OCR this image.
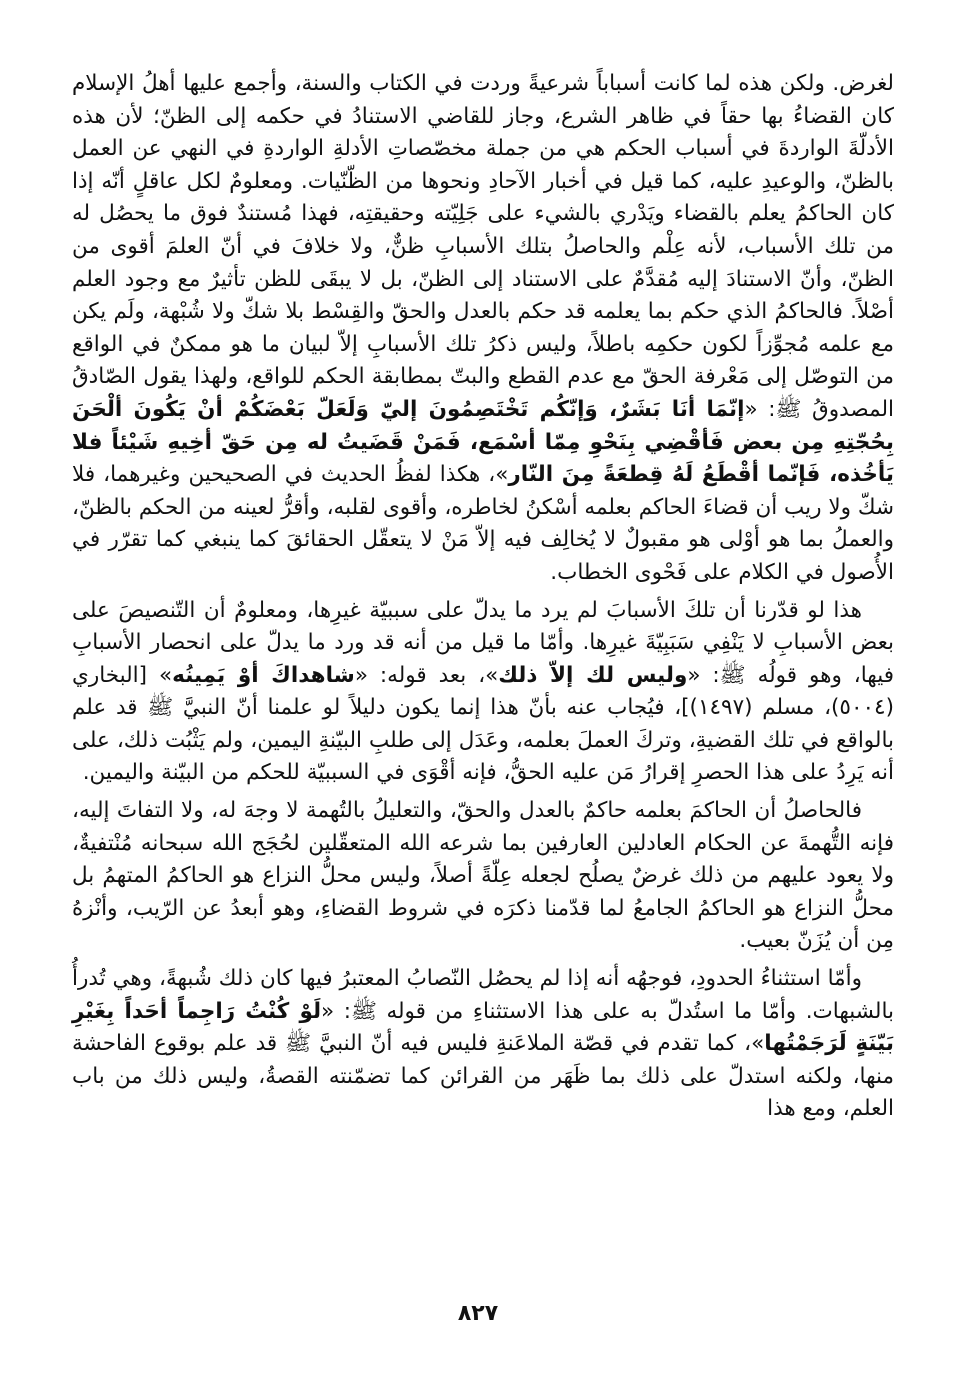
لغرض. ولكن هذه لما كانت أسباباً شرعيةً وردت في الكتاب والسنة، وأجمع عليها أهلُ الإسلام كان القضاءُ بها حقاً في ظاهر الشرع، وجاز للقاضي الاستنادُ في حكمه إلى الظنّ؛ لأن هذه الأدلّةَ الواردةَ في أسباب الحكم هي من جملة مخصّصاتِ الأدلةِ الواردةِ في النهي عن العمل بالظنّ، والوعيدِ عليه، كما قيل في أخبار الآحادِ ونحوها من الظّنّيات. ومعلومٌ لكل عاقلٍ أنّه إذا كان الحاكمُ يعلم بالقضاء ويَدْري بالشيء على جَلِيّته وحقيقتِه، فهذا مُستندٌ فوق ما يحصُل له من تلك الأسباب، لأنه عِلْم والحاصلُ بتلك الأسبابِ ظنٌّ، ولا خلافَ في أنّ العلمَ أقوى من الظنّ، وأنّ الاستنادَ إليه مُقدَّمٌ على الاستناد إلى الظنّ، بل لا يبقَى للظن تأثيرٌ مع وجود العلم أصْلاً. فالحاكمُ الذي حكم بما يعلمه قد حكم بالعدل والحقّ والقِسْط بلا شكّ ولا شُبْهة، ولَم يكن مع علمه مُجوِّزاً لكون حكمِه باطلاً، وليس ذكرُ تلك الأسبابِ إلاّ لبيان ما هو ممكنٌ في الواقع من التوصّل إلى مَعْرفة الحقّ مع عدم القطع والبتّ بمطابقة الحكم للواقع، ولهذا يقول الصّادقُ المصدوقُ ﷺ: «إنّمَا أنَا بَشَرٌ، وَإنّكُم تَخْتَصِمُونَ إليّ وَلَعَلّ بَعْضَكُمْ أنْ يَكُونَ ألْحَنَ بِحُجّتِهِ مِن بعض فَأقْضِي بِنَحْوِ مِمّا أسْمَع، فَمَنْ قَضَيتُ له مِن حَقّ أخِيهِ شَيْئاً فلا يَأخُذه، فَإنّما أقْطَعُ لَهُ قِطعَةً مِنَ النّار»، هكذا لفظُ الحديث في الصحيحين وغيرهما، فلا شكّ ولا ريب أن قضاءَ الحاكم بعلمه أسْكنُ لخاطره، وأقوى لقلبه، وأقرُّ لعينه من الحكم بالظنّ، والعملُ بما هو أوْلى هو مقبولٌ لا يُخالِف فيه إلاّ مَنْ لا يتعقّل الحقائقَ كما ينبغي كما تقرّر في الأُصول في الكلام على فَحْوى الخطاب.

هذا لو قدّرنا أن تلكَ الأسبابَ لم يرد ما يدلّ على سببيّة غيرِها، ومعلومٌ أن التّنصيصَ على بعض الأسبابِ لا يَنْفِي سَبَبِيّةَ غيرِها. وأمّا ما قيل من أنه قد ورد ما يدلّ على انحصار الأسبابِ فيها، وهو قولُه ﷺ: «وليس لك إلاّ ذلك»، بعد قوله: «شاهداكَ أوْ يَمِينُه» [البخاري (٥٠٠٤)، مسلم (١٤٩٧)]، فيُجاب عنه بأنّ هذا إنما يكون دليلاً لو علمنا أنّ النبيَّ ﷺ قد علم بالواقع في تلك القضيةِ، وتركَ العملَ بعلمه، وعَدَل إلى طلبِ البيّنةِ اليمين، ولم يَثْبُت ذلك، على أنه يَرِدُ على هذا الحصرِ إقرارُ مَن عليه الحقُّ، فإنه أقْوَى في السببيّة للحكم من البيّنة واليمين.

فالحاصلُ أن الحاكمَ بعلمه حاكمٌ بالعدل والحقّ، والتعليلُ بالتُهمة لا وجهَ له، ولا التفاتَ إليه، فإنه التُّهمةَ عن الحكام العادلين العارفين بما شرعه الله المتعقّلين لحُجَج الله سبحانه مُنْتفيةٌ، ولا يعود عليهم من ذلك غرضٌ يصلُح لجعله عِلّةً أصلاً، وليس محلُّ النزاع هو الحاكمُ المتهمُ بل محلُّ النزاع هو الحاكمُ الجامعُ لما قدّمنا ذكرَه في شروط القضاءِ، وهو أبعدُ عن الرّيب، وأنْزهُ مِن أن يُزَنّ بعيب.

وأمّا استثناءُ الحدودِ، فوجهُه أنه إذا لم يحصُل النّصابُ المعتبرُ فيها كان ذلك شُبهةً، وهي تُدرأُ بالشبهات. وأمّا ما استُدلّ به على هذا الاستثناءِ من قوله ﷺ: «لَوْ كُنْتُ رَاجِماً أحَداً بِغَيْرِ بَيّنَةٍ لَرَجَمْتُها»، كما تقدم في قصّة الملاعَنةِ فليس فيه أنّ النبيَّ ﷺ قد علم بوقوع الفاحشة منها، ولكنه استدلّ على ذلك بما ظَهَر من القرائن كما تضمّنته القصةُ، وليس ذلك من باب العلم، ومع هذا

٨٢٧
